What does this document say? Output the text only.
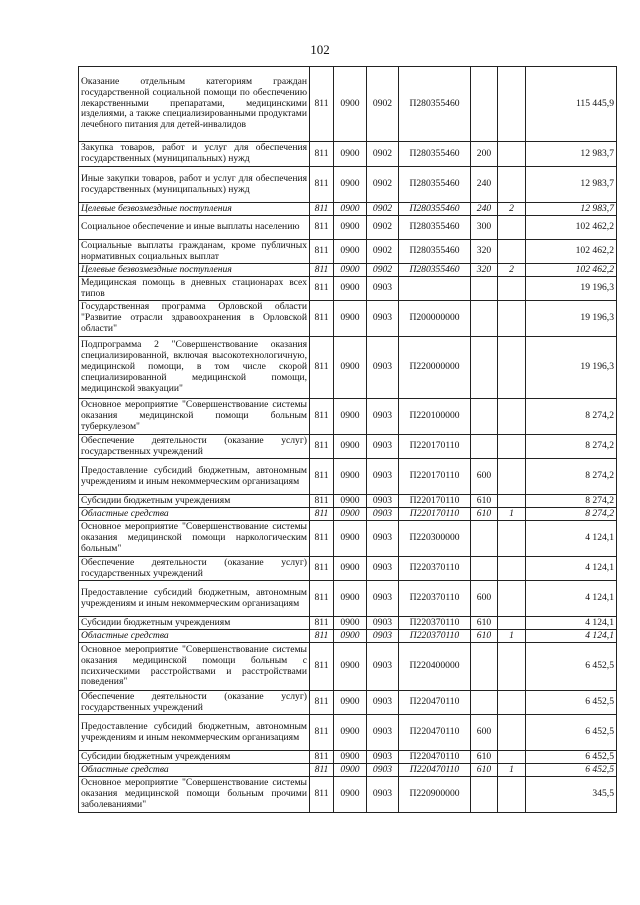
102
Оказание отдельным категориям граждан государственной социальной помощи по обеспечению лекарственными препаратами, медицинскими изделиями, а также специализированными продуктами лечебного питания для детей-инвалидов	811	0900	0902	П280355460			115 445,9
Закупка товаров, работ и услуг для обеспечения государственных (муниципальных) нужд	811	0900	0902	П280355460	200		12 983,7
Иные закупки товаров, работ и услуг для обеспечения государственных (муниципальных) нужд	811	0900	0902	П280355460	240		12 983,7
Целевые безвозмездные поступления	811	0900	0902	П280355460	240	2	12 983,7
Социальное обеспечение и иные выплаты населению	811	0900	0902	П280355460	300		102 462,2
Социальные выплаты гражданам, кроме публичных нормативных социальных выплат	811	0900	0902	П280355460	320		102 462,2
Целевые безвозмездные поступления	811	0900	0902	П280355460	320	2	102 462,2
Медицинская помощь в дневных стационарах всех типов	811	0900	0903				19 196,3
Государственная программа Орловской области "Развитие отрасли здравоохранения в Орловской области"	811	0900	0903	П200000000			19 196,3
Подпрограмма 2 "Совершенствование оказания специализированной, включая высокотехнологичную, медицинской помощи, в том числе скорой специализированной медицинской помощи, медицинской эвакуации"	811	0900	0903	П220000000			19 196,3
Основное мероприятие "Совершенствование системы оказания медицинской помощи больным туберкулезом"	811	0900	0903	П220100000			8 274,2
Обеспечение деятельности (оказание услуг) государственных учреждений	811	0900	0903	П220170110			8 274,2
Предоставление субсидий бюджетным, автономным учреждениям и иным некоммерческим организациям	811	0900	0903	П220170110	600		8 274,2
Субсидии бюджетным учреждениям	811	0900	0903	П220170110	610		8 274,2
Областные средства	811	0900	0903	П220170110	610	1	8 274,2
Основное мероприятие "Совершенствование системы оказания медицинской помощи наркологическим больным"	811	0900	0903	П220300000			4 124,1
Обеспечение деятельности (оказание услуг) государственных учреждений	811	0900	0903	П220370110			4 124,1
Предоставление субсидий бюджетным, автономным учреждениям и иным некоммерческим организациям	811	0900	0903	П220370110	600		4 124,1
Субсидии бюджетным учреждениям	811	0900	0903	П220370110	610		4 124,1
Областные средства	811	0900	0903	П220370110	610	1	4 124,1
Основное мероприятие "Совершенствование системы оказания медицинской помощи больным с психическими расстройствами и расстройствами поведения"	811	0900	0903	П220400000			6 452,5
Обеспечение деятельности (оказание услуг) государственных учреждений	811	0900	0903	П220470110			6 452,5
Предоставление субсидий бюджетным, автономным учреждениям и иным некоммерческим организациям	811	0900	0903	П220470110	600		6 452,5
Субсидии бюджетным учреждениям	811	0900	0903	П220470110	610		6 452,5
Областные средства	811	0900	0903	П220470110	610	1	6 452,5
Основное мероприятие "Совершенствование системы оказания медицинской помощи больным прочими заболеваниями"	811	0900	0903	П220900000			345,5
